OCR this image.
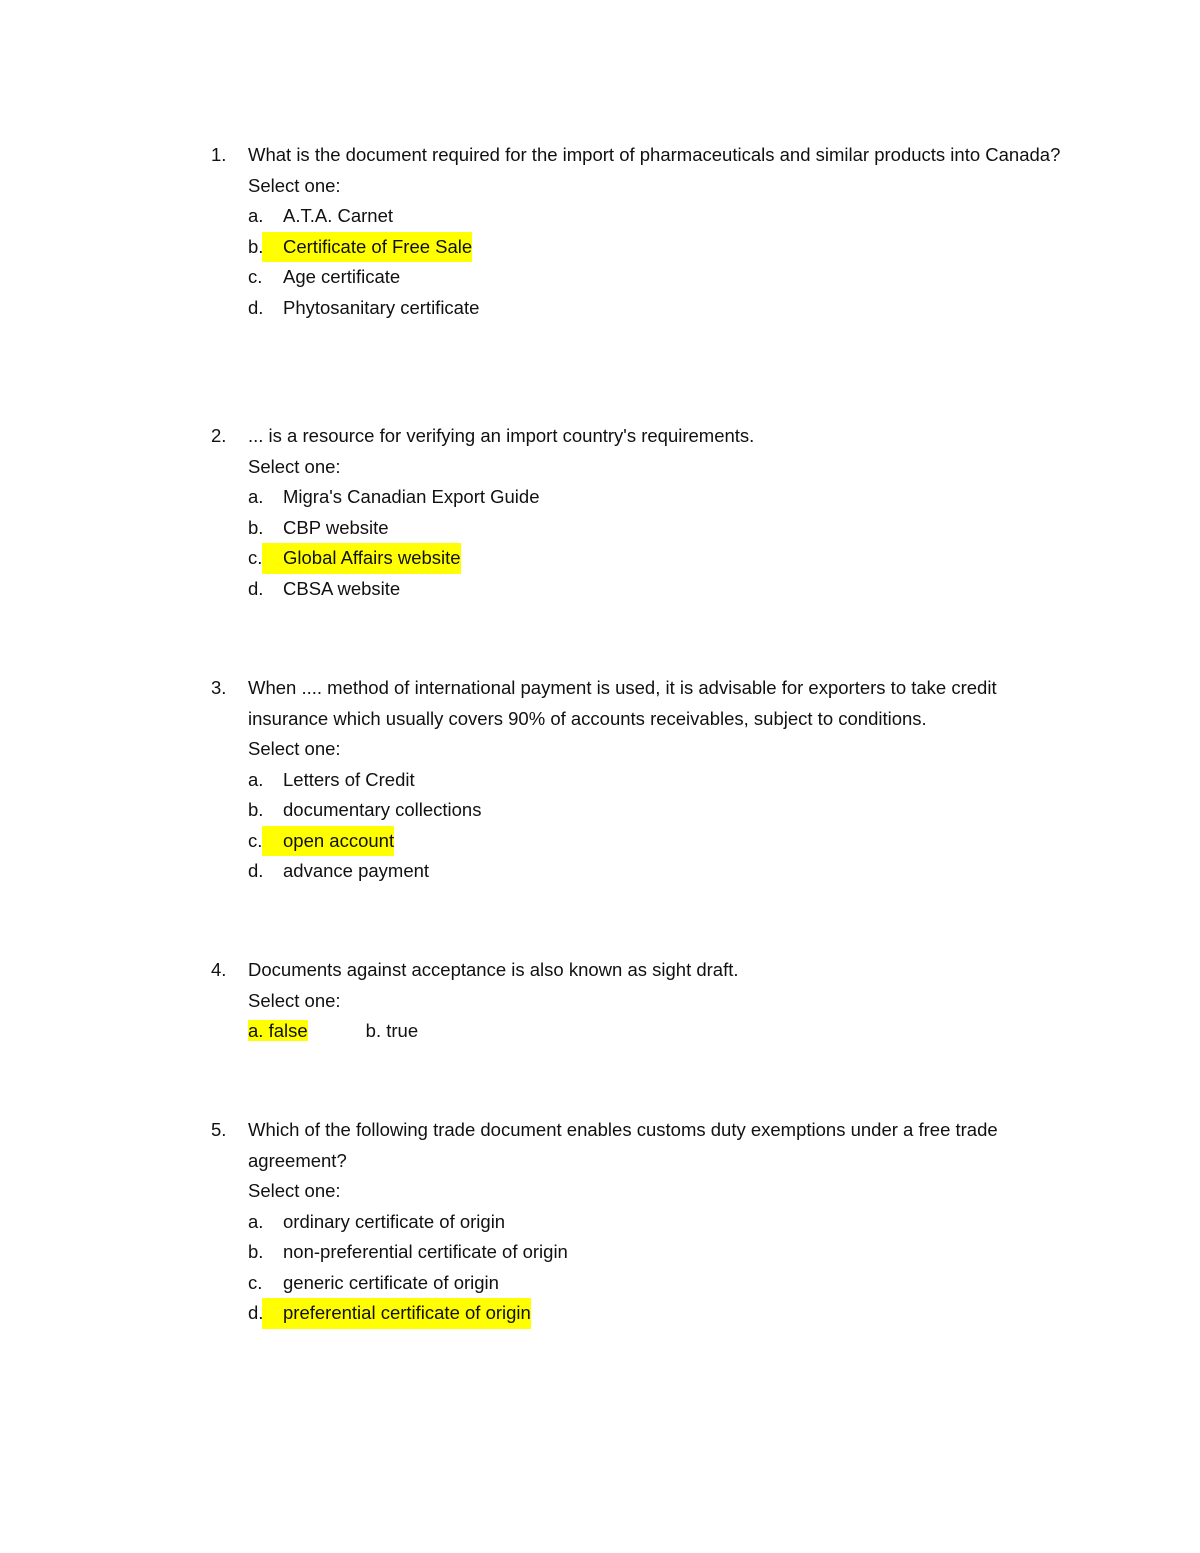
1. What is the document required for the import of pharmaceuticals and similar products into Canada?
Select one:
a.	A.T.A. Carnet
b.	Certificate of Free Sale
c.	Age certificate
d.	Phytosanitary certificate
2. ... is a resource for verifying an import country's requirements.
Select one:
a.	Migra's Canadian Export Guide
b.	CBP website
c.	Global Affairs website
d.	CBSA website
3. When .... method of international payment is used, it is advisable for exporters to take credit insurance which usually covers 90% of accounts receivables, subject to conditions.
Select one:
a.	Letters of Credit
b.	documentary collections
c.	open account
d.	advance payment
4. Documents against acceptance is also known as sight draft.
Select one:
a. false	b. true
5. Which of the following trade document enables customs duty exemptions under a free trade agreement?
Select one:
a.	ordinary certificate of origin
b.	non-preferential certificate of origin
c.	generic certificate of origin
d.	preferential certificate of origin
